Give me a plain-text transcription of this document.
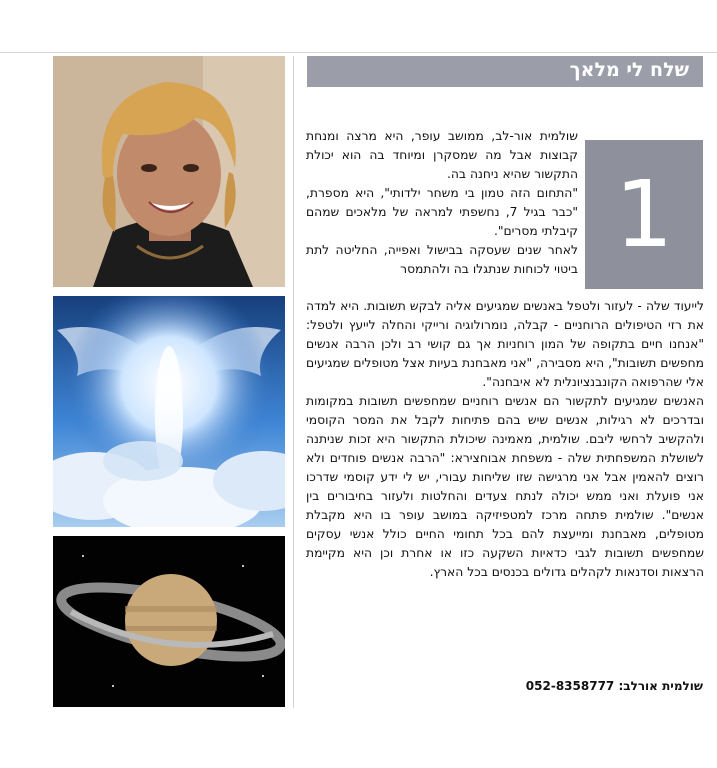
שלח לי מלאך
1

שולמית אור-לב, ממושב עופר, היא מרצה ומנחת קבוצות אבל מה שמסקרן ומיוחד בה הוא יכולת התקשור שהיא ניחנה בה.

"התחום הזה טמון בי משחר ילדותי", היא מספרת, "כבר בגיל 7, נחשפתי למראה של מלאכים שמהם קיבלתי מסרים".

לאחר שנים שעסקה בבישול ואפייה, החליטה לתת ביטוי לכוחות שנתגלו בה ולהתמסר

לייעוד שלה - לעזור ולטפל באנשים שמגיעים אליה לבקש תשובות. היא למדה את רזי הטיפולים הרוחניים - קבלה, נומרולוגיה ורייקי והחלה לייעץ ולטפל: "אנחנו חיים בתקופה של המון רוחניות אך גם קושי רב ולכן הרבה אנשים מחפשים תשובות", היא מסבירה, "אני מאבחנת בעיות אצל מטופלים שמגיעים אלי שהרפואה הקונבנציונלית לא איבחנה".

האנשים שמגיעים לתקשור הם אנשים רוחניים שמחפשים תשובות במקומות ובדרכים לא רגילות, אנשים שיש בהם פתיחות לקבל את המסר הקוסמי ולהקשיב לרחשי ליבם. שולמית, מאמינה שיכולת התקשור היא זכות שניתנה לשושלת המשפחתית שלה - משפחת אבוחצירא: "הרבה אנשים פוחדים ולא רוצים להאמין אבל אני מרגישה שזו שליחות עבורי, יש לי ידע קוסמי שדרכו אני פועלת ואני ממש יכולה לנתח צעדים והחלטות ולעזור בחיבורים בין אנשים". שולמית פתחה מרכז למטפיזיקה במושב עופר בו היא מקבלת מטופלים, מאבחנת ומייעצת להם בכל תחומי החיים כולל אנשי עסקים שמחפשים תשובות לגבי כדאיות השקעה כזו או אחרת וכן היא מקיימת הרצאות וסדנאות לקהלים גדולים בכנסים בכל הארץ.

שולמית אורלב: 052-8358777
